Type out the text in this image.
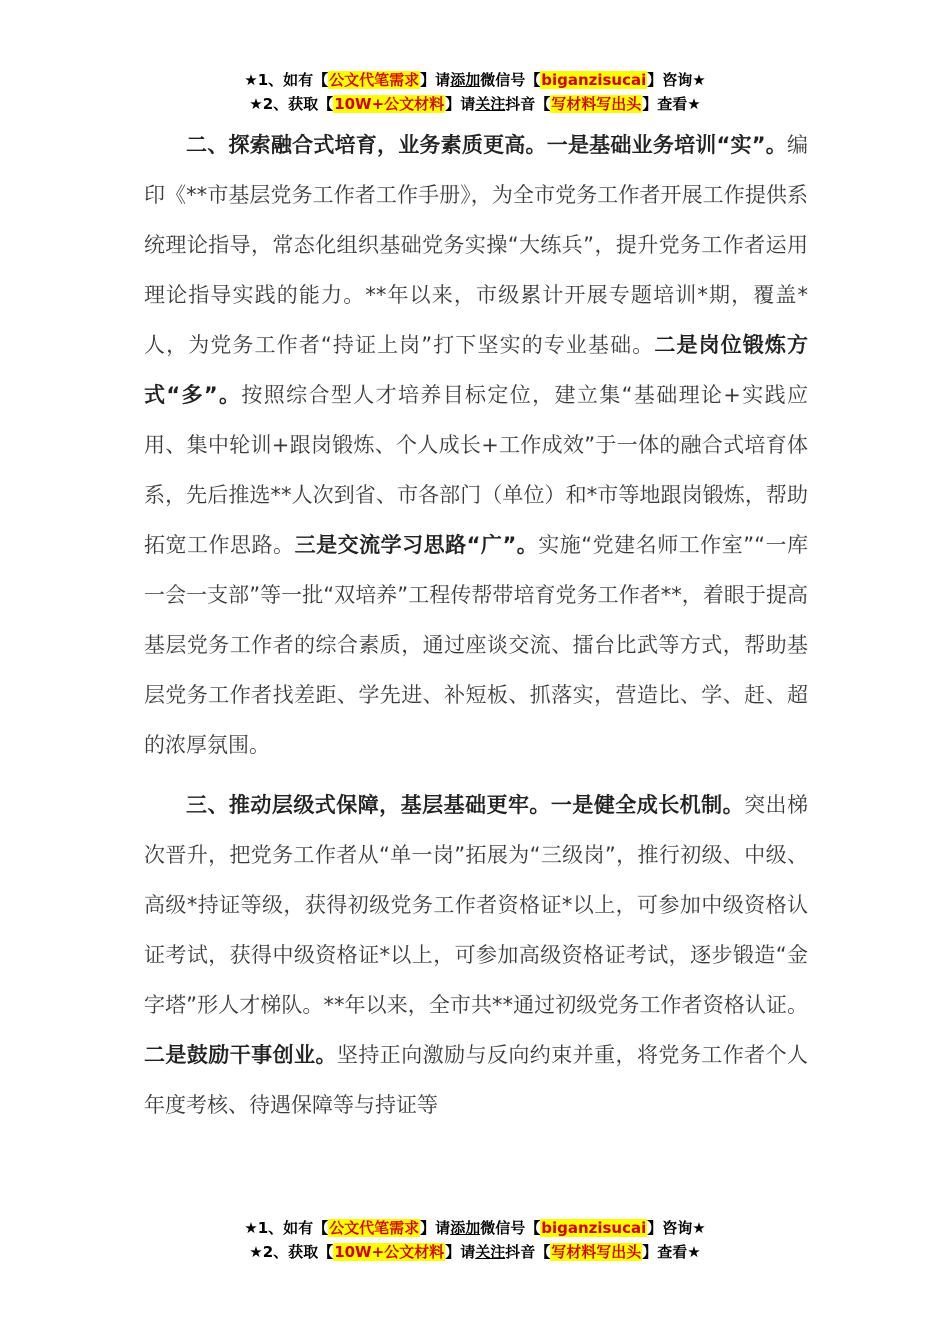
★1、如有【公文代笔需求】请添加微信号【biganzisucai】咨询★
★2、获取【10W+公文材料】请关注抖音【写材料写出头】查看★

二、探索融合式培育，业务素质更高。一是基础业务培训“实”。编印《**市基层党务工作者工作手册》，为全市党务工作者开展工作提供系统理论指导，常态化组织基础党务实操“大练兵”，提升党务工作者运用理论指导实践的能力。**年以来，市级累计开展专题培训*期，覆盖*人，为党务工作者“持证上岗”打下坚实的专业基础。二是岗位锻炼方式“多”。按照综合型人才培养目标定位，建立集“基础理论+实践应用、集中轮训+跟岗锻炼、个人成长+工作成效”于一体的融合式培育体系，先后推选**人次到省、市各部门（单位）和*市等地跟岗锻炼，帮助拓宽工作思路。三是交流学习思路“广”。实施“党建名师工作室”“一库一会一支部”等一批“双培养”工程传帮带培育党务工作者**，着眼于提高基层党务工作者的综合素质，通过座谈交流、擂台比武等方式，帮助基层党务工作者找差距、学先进、补短板、抓落实，营造比、学、赶、超的浓厚氛围。

三、推动层级式保障，基层基础更牢。一是健全成长机制。突出梯次晋升，把党务工作者从“单一岗”拓展为“三级岗”，推行初级、中级、高级*持证等级，获得初级党务工作者资格证*以上，可参加中级资格认证考试，获得中级资格证*以上，可参加高级资格证考试，逐步锻造“金字塔”形人才梯队。**年以来，全市共**通过初级党务工作者资格认证。二是鼓励干事创业。坚持正向激励与反向约束并重，将党务工作者个人年度考核、待遇保障等与持证等

★1、如有【公文代笔需求】请添加微信号【biganzisucai】咨询★
★2、获取【10W+公文材料】请关注抖音【写材料写出头】查看★
